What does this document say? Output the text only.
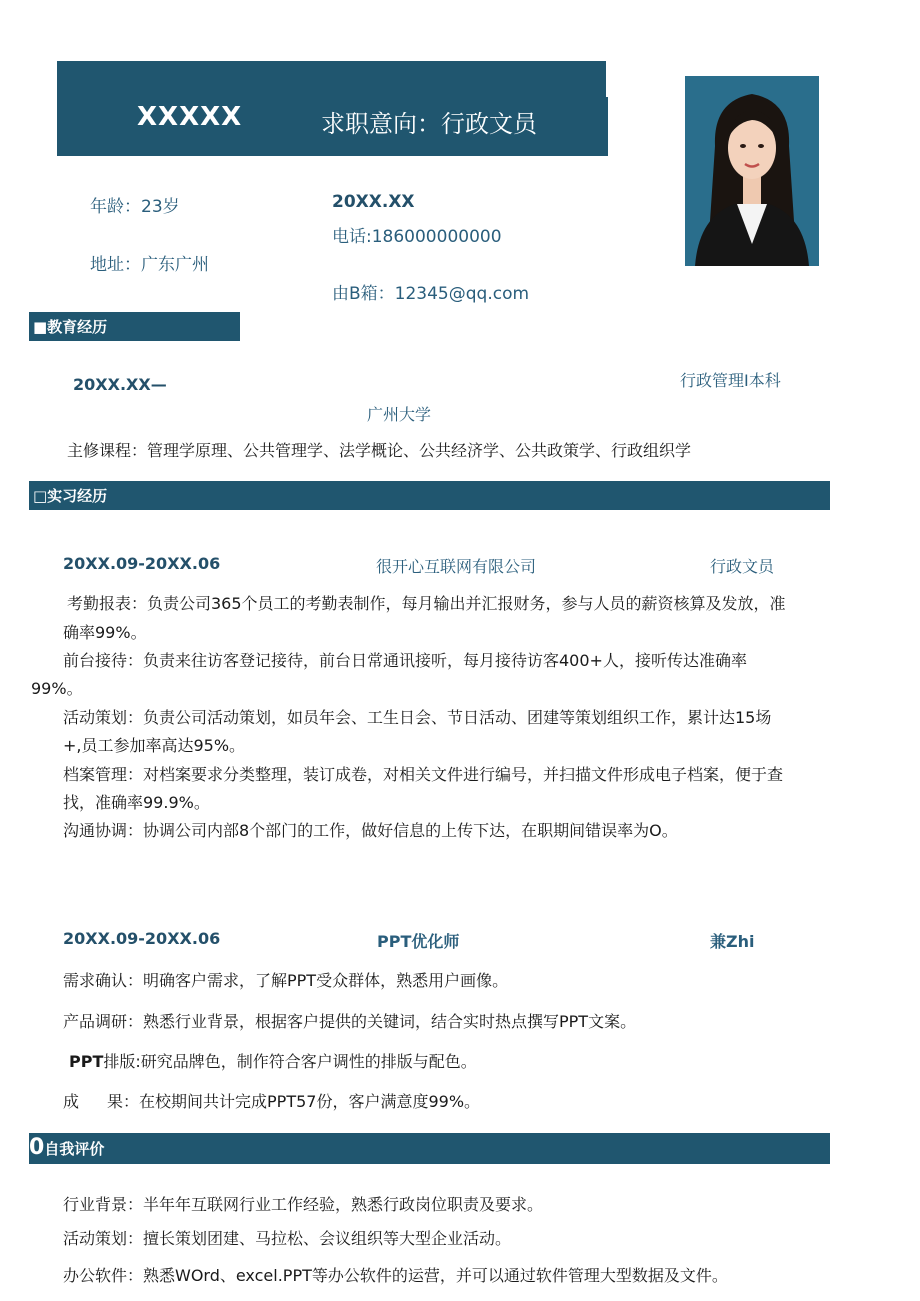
XXXXX	求职意向：行政文员
年龄：23岁	20XX.XX
电话:186000000000
地址：广东广州
由B箱：12345@qq.com
■教育经历
20XX.XX—	行政管理I本科
广州大学
主修课程：管理学原理、公共管理学、法学概论、公共经济学、公共政策学、行政组织学
□实习经历
20XX.09-20XX.06	很开心互联网有限公司	行政文员
考勤报表：负责公司365个员工的考勤表制作，每月输出并汇报财务，参与人员的薪资核算及发放，准
确率99%。
前台接待：负责来往访客登记接待，前台日常通讯接听，每月接待访客400+人，接听传达准确率
99%。
活动策划：负责公司活动策划，如员年会、工生日会、节日活动、团建等策划组织工作，累计达15场
+,员工参加率高达95%。
档案管理：对档案要求分类整理，装订成卷，对相关文件进行编号，并扫描文件形成电子档案，便于查
找，准确率99.9%。
沟通协调：协调公司内部8个部门的工作，做好信息的上传下达，在职期间错误率为O。
20XX.09-20XX.06	PPT优化师	兼Zhi
需求确认：明确客户需求，了解PPT受众群体，熟悉用户画像。
产品调研：熟悉行业背景，根据客户提供的关键词，结合实时热点撰写PPT文案。
PPT排版:研究品牌色，制作符合客户调性的排版与配色。
成 果：在校期间共计完成PPT57份，客户满意度99%。
0自我评价
行业背景：半年年互联网行业工作经验，熟悉行政岗位职责及要求。
活动策划：擅长策划团建、马拉松、会议组织等大型企业活动。
办公软件：熟悉WOrd、excel.PPT等办公软件的运营，并可以通过软件管理大型数据及文件。
